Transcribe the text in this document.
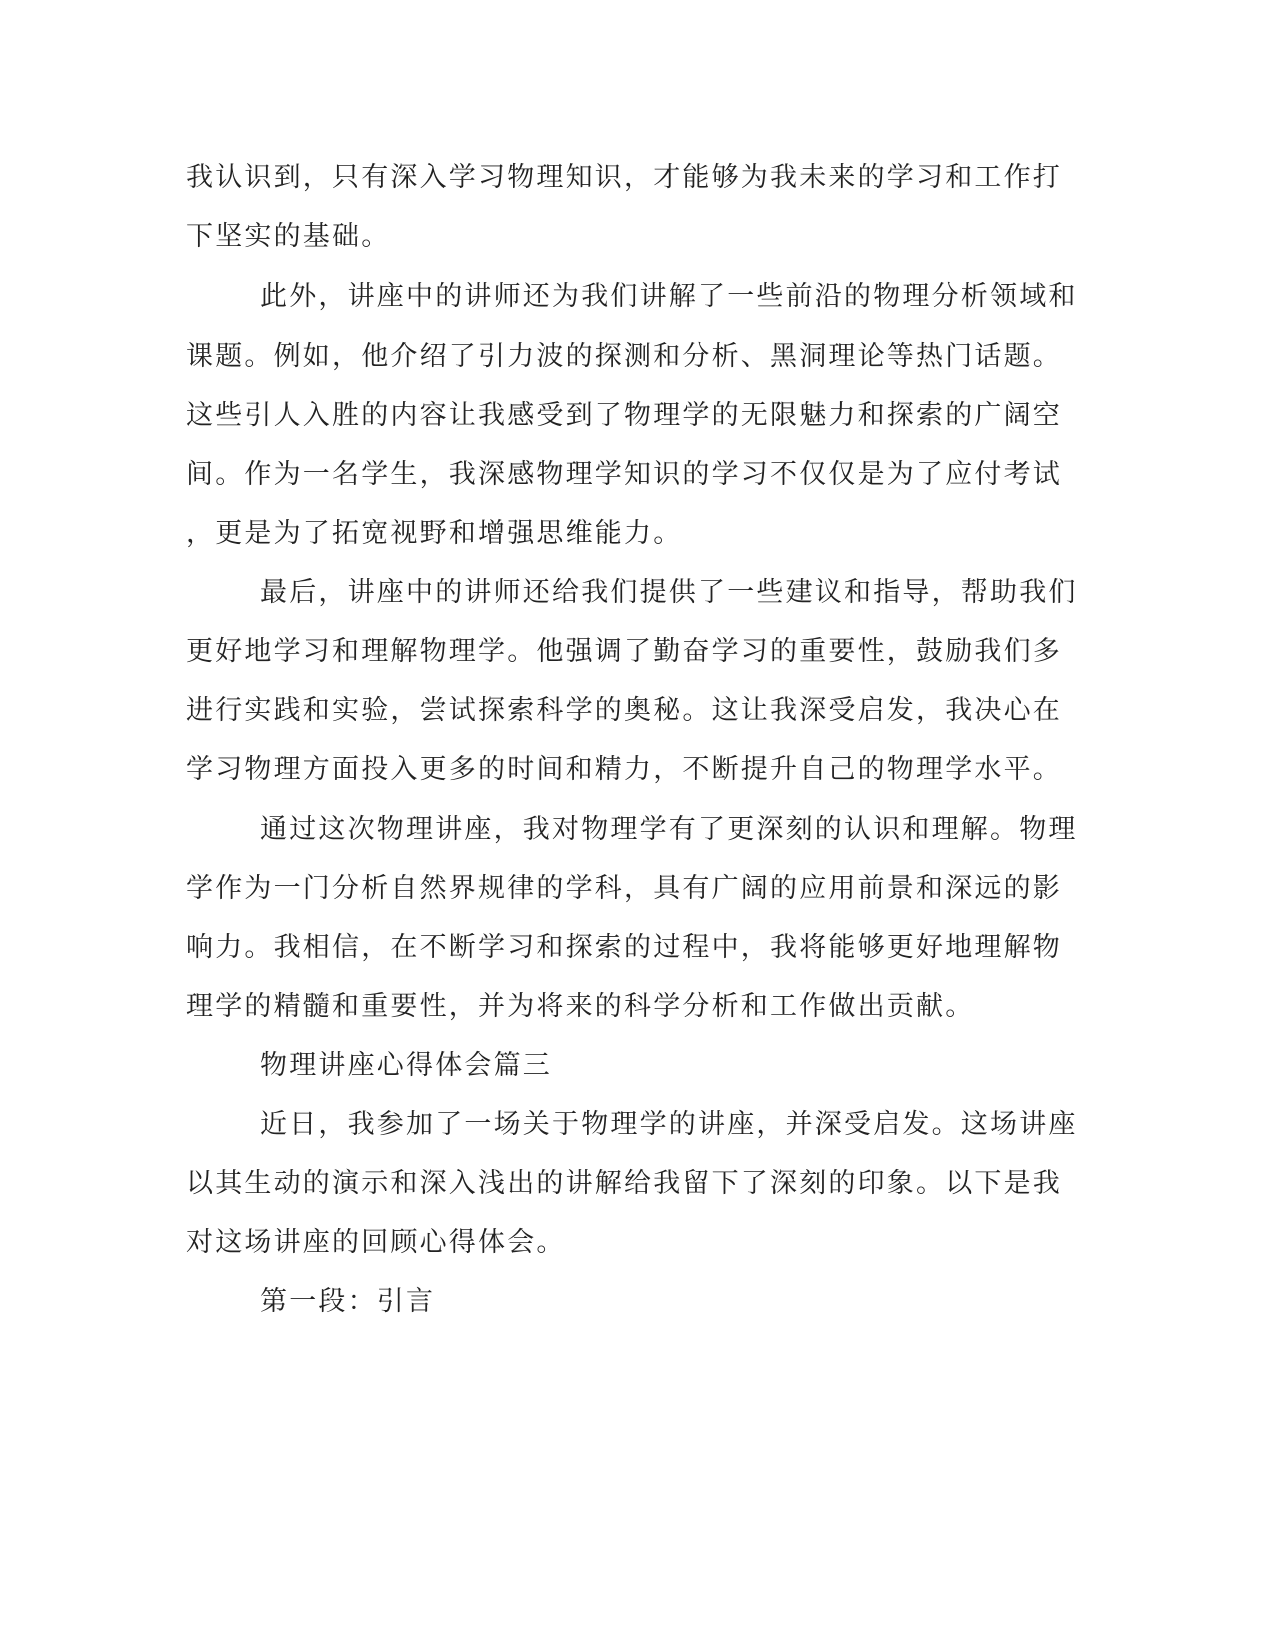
我认识到，只有深入学习物理知识，才能够为我未来的学习和工作打
下坚实的基础。
此外，讲座中的讲师还为我们讲解了一些前沿的物理分析领域和
课题。例如，他介绍了引力波的探测和分析、黑洞理论等热门话题。
这些引人入胜的内容让我感受到了物理学的无限魅力和探索的广阔空
间。作为一名学生，我深感物理学知识的学习不仅仅是为了应付考试
，更是为了拓宽视野和增强思维能力。
最后，讲座中的讲师还给我们提供了一些建议和指导，帮助我们
更好地学习和理解物理学。他强调了勤奋学习的重要性，鼓励我们多
进行实践和实验，尝试探索科学的奥秘。这让我深受启发，我决心在
学习物理方面投入更多的时间和精力，不断提升自己的物理学水平。
通过这次物理讲座，我对物理学有了更深刻的认识和理解。物理
学作为一门分析自然界规律的学科，具有广阔的应用前景和深远的影
响力。我相信，在不断学习和探索的过程中，我将能够更好地理解物
理学的精髓和重要性，并为将来的科学分析和工作做出贡献。
物理讲座心得体会篇三
近日，我参加了一场关于物理学的讲座，并深受启发。这场讲座
以其生动的演示和深入浅出的讲解给我留下了深刻的印象。以下是我
对这场讲座的回顾心得体会。
第一段：引言
